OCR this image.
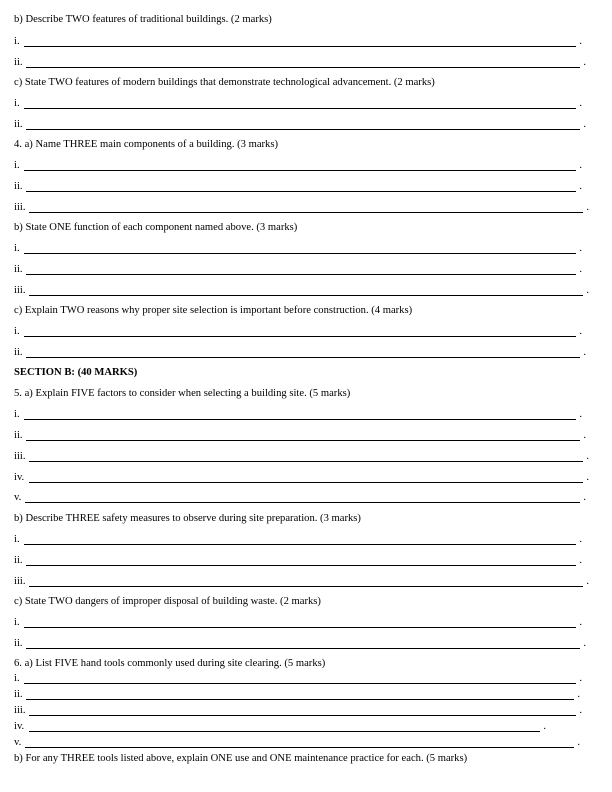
b) Describe TWO features of traditional buildings. (2 marks)
i.	.
ii.	.
c) State TWO features of modern buildings that demonstrate technological advancement. (2 marks)
i.	.
ii.	.
4. a) Name THREE main components of a building. (3 marks)
i.	.
ii.	.
iii.	.
b) State ONE function of each component named above. (3 marks)
i.	.
ii.	.
iii.	.
c) Explain TWO reasons why proper site selection is important before construction. (4 marks)
i.	.
ii.	.
SECTION B: (40 MARKS)
5. a) Explain FIVE factors to consider when selecting a building site. (5 marks)
i.	.
ii.	.
iii.	.
iv.	.
v.	.
b) Describe THREE safety measures to observe during site preparation. (3 marks)
i.	.
ii.	.
iii.	.
c) State TWO dangers of improper disposal of building waste. (2 marks)
i.	.
ii.	.
6. a) List FIVE hand tools commonly used during site clearing. (5 marks)
i.	.
ii.	.
iii.	.
iv.	.
v.	.
b) For any THREE tools listed above, explain ONE use and ONE maintenance practice for each. (5 marks)
